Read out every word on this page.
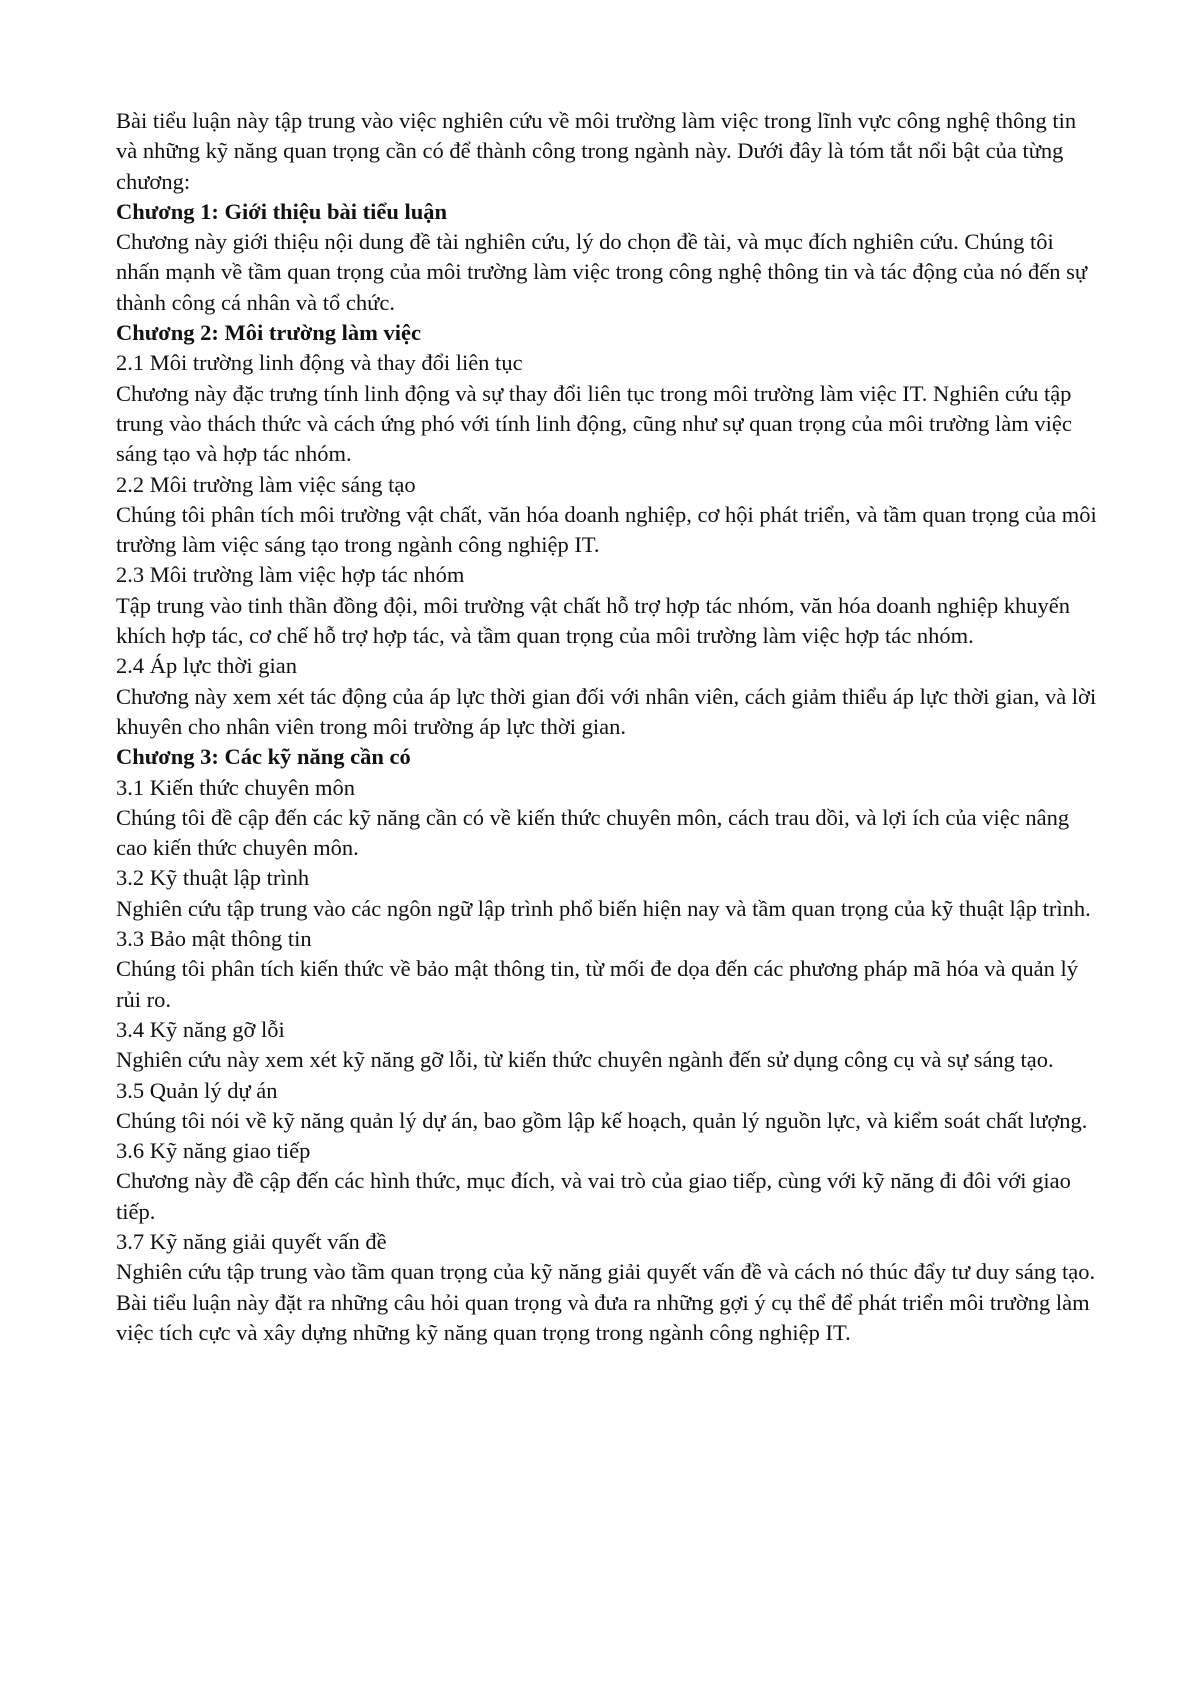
Bài tiểu luận này tập trung vào việc nghiên cứu về môi trường làm việc trong lĩnh vực công nghệ thông tin và những kỹ năng quan trọng cần có để thành công trong ngành này. Dưới đây là tóm tắt nổi bật của từng chương:

Chương 1: Giới thiệu bài tiểu luận

Chương này giới thiệu nội dung đề tài nghiên cứu, lý do chọn đề tài, và mục đích nghiên cứu. Chúng tôi nhấn mạnh về tầm quan trọng của môi trường làm việc trong công nghệ thông tin và tác động của nó đến sự thành công cá nhân và tổ chức.

Chương 2: Môi trường làm việc

2.1 Môi trường linh động và thay đổi liên tục

Chương này đặc trưng tính linh động và sự thay đổi liên tục trong môi trường làm việc IT. Nghiên cứu tập trung vào thách thức và cách ứng phó với tính linh động, cũng như sự quan trọng của môi trường làm việc sáng tạo và hợp tác nhóm.

2.2 Môi trường làm việc sáng tạo

Chúng tôi phân tích môi trường vật chất, văn hóa doanh nghiệp, cơ hội phát triển, và tầm quan trọng của môi trường làm việc sáng tạo trong ngành công nghiệp IT.

2.3 Môi trường làm việc hợp tác nhóm

Tập trung vào tinh thần đồng đội, môi trường vật chất hỗ trợ hợp tác nhóm, văn hóa doanh nghiệp khuyến khích hợp tác, cơ chế hỗ trợ hợp tác, và tầm quan trọng của môi trường làm việc hợp tác nhóm.

2.4 Áp lực thời gian

Chương này xem xét tác động của áp lực thời gian đối với nhân viên, cách giảm thiểu áp lực thời gian, và lời khuyên cho nhân viên trong môi trường áp lực thời gian.

Chương 3: Các kỹ năng cần có

3.1 Kiến thức chuyên môn

Chúng tôi đề cập đến các kỹ năng cần có về kiến thức chuyên môn, cách trau dồi, và lợi ích của việc nâng cao kiến thức chuyên môn.

3.2 Kỹ thuật lập trình

Nghiên cứu tập trung vào các ngôn ngữ lập trình phổ biến hiện nay và tầm quan trọng của kỹ thuật lập trình.

3.3 Bảo mật thông tin

Chúng tôi phân tích kiến thức về bảo mật thông tin, từ mối đe dọa đến các phương pháp mã hóa và quản lý rủi ro.

3.4 Kỹ năng gỡ lỗi

Nghiên cứu này xem xét kỹ năng gỡ lỗi, từ kiến thức chuyên ngành đến sử dụng công cụ và sự sáng tạo.

3.5 Quản lý dự án

Chúng tôi nói về kỹ năng quản lý dự án, bao gồm lập kế hoạch, quản lý nguồn lực, và kiểm soát chất lượng.

3.6 Kỹ năng giao tiếp

Chương này đề cập đến các hình thức, mục đích, và vai trò của giao tiếp, cùng với kỹ năng đi đôi với giao tiếp.

3.7 Kỹ năng giải quyết vấn đề

Nghiên cứu tập trung vào tầm quan trọng của kỹ năng giải quyết vấn đề và cách nó thúc đẩy tư duy sáng tạo.

Bài tiểu luận này đặt ra những câu hỏi quan trọng và đưa ra những gợi ý cụ thể để phát triển môi trường làm việc tích cực và xây dựng những kỹ năng quan trọng trong ngành công nghiệp IT.
